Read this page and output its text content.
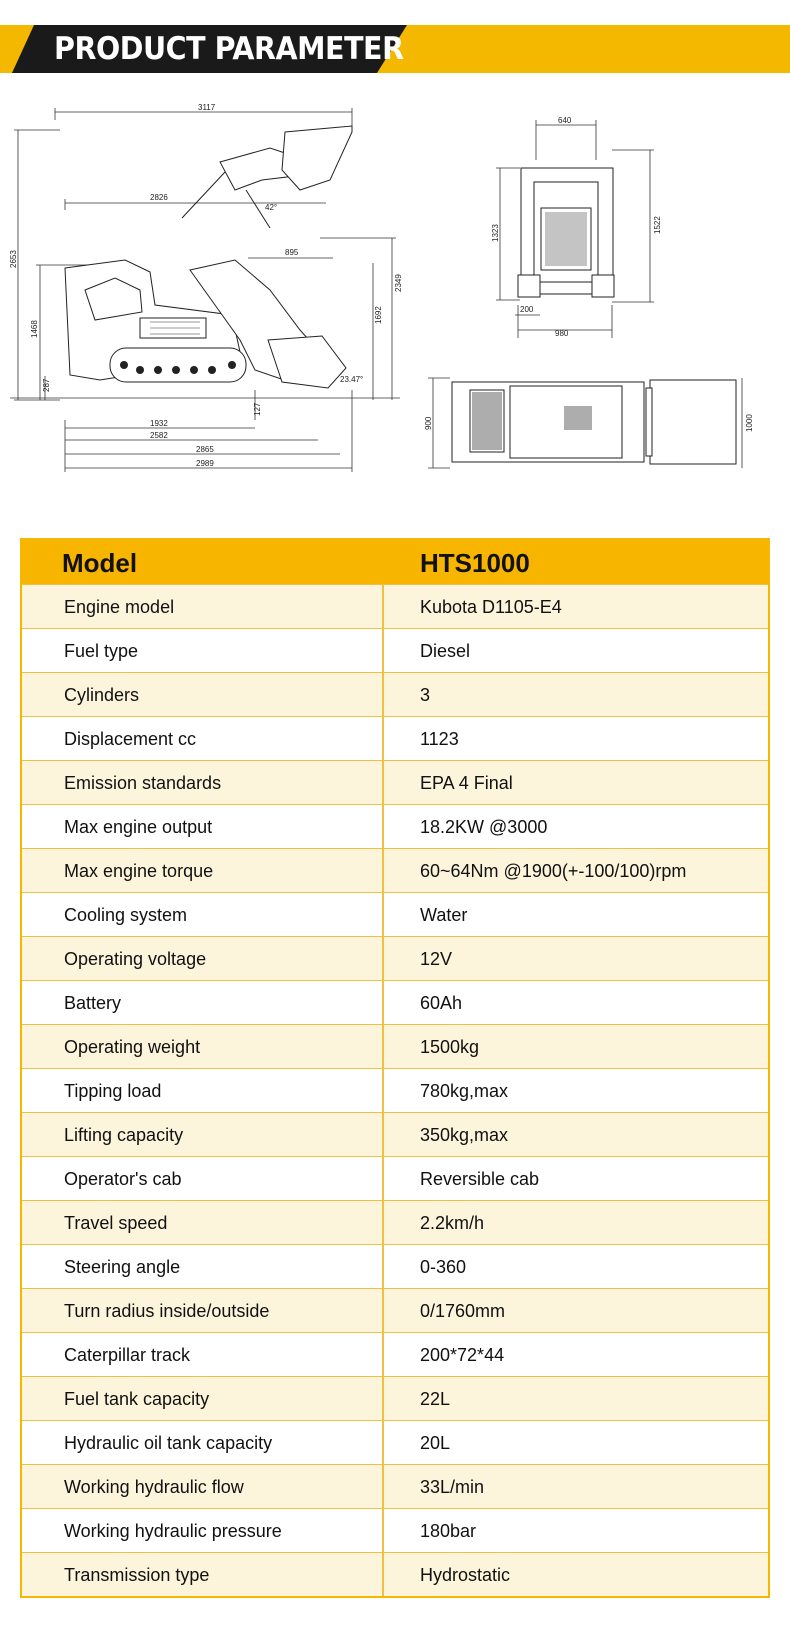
PRODUCT PARAMETER
3117
2826
895
42°
2653
2349
1692
1468
287
127
23.47°
1932
2582
2865
2989
640
1323	1522
200
980
900	1000
Model	HTS1000
Engine model	Kubota D1105-E4
Fuel type	Diesel
Cylinders	3
Displacement cc	1123
Emission standards	EPA 4 Final
Max engine output	18.2KW @3000
Max engine torque	60~64Nm @1900(+-100/100)rpm
Cooling system	Water
Operating voltage	12V
Battery	60Ah
Operating weight	1500kg
Tipping load	780kg,max
Lifting capacity	350kg,max
Operator's cab	Reversible cab
Travel speed	2.2km/h
Steering angle	0-360
Turn radius inside/outside	0/1760mm
Caterpillar track	200*72*44
Fuel tank capacity	22L
Hydraulic oil tank capacity	20L
Working hydraulic flow	33L/min
Working hydraulic pressure	180bar
Transmission type	Hydrostatic
